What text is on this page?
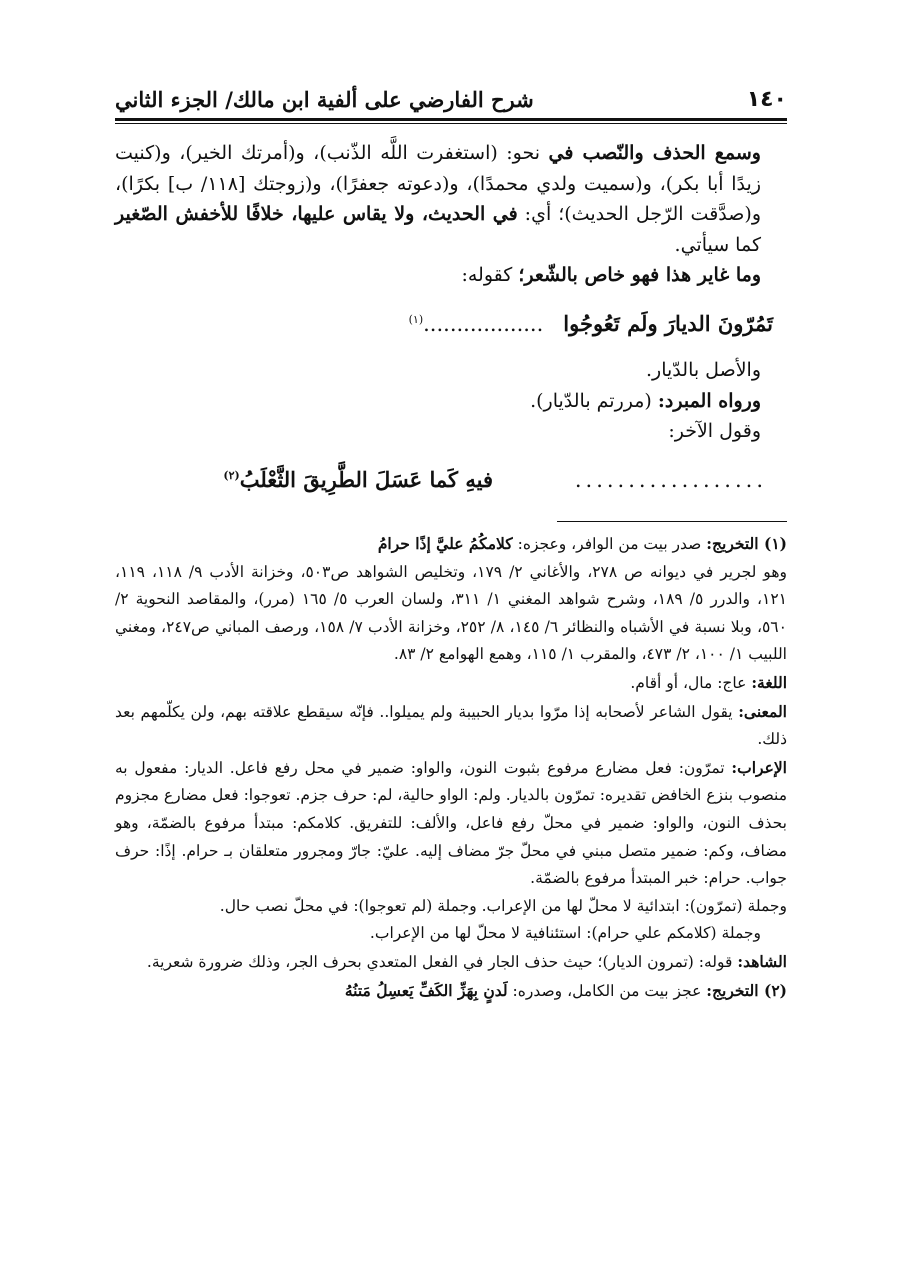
١٤٠
شرح الفارضي على ألفية ابن مالك/ الجزء الثاني

وسمع الحذف والنّصب في نحو: (استغفرت اللَّه الذّنب)، و(أمرتك الخير)، و(كنيت زيدًا أبا بكر)، و(سميت ولدي محمدًا)، و(دعوته جعفرًا)، و(زوجتك [١١٨/ ب] بكرًا)، و(صدَّقت الرّجل الحديث)؛ أي: في الحديث، ولا يقاس عليها، خلافًا للأخفش الصّغير كما سيأتي.

وما غاير هذا فهو خاص بالشّعر؛ كقوله:

تَمُرّونَ الديارَ ولَم تَعُوجُوا
..................$^{(١)}$

والأصل بالدّيار.

ورواه المبرد: (مررتم بالدّيار).

وقول الآخر:

..................
فيهِ كَما عَسَلَ الطَّرِيقَ الثَّعْلَبُ$^{(٢)}$

(١) التخريج: صدر بيت من الوافر، وعجزه: كلامكُمُ عليَّ إذًا حرامُ

وهو لجرير في ديوانه ص ٢٧٨، والأغاني ٢/ ١٧٩، وتخليص الشواهد ص٥٠٣، وخزانة الأدب ٩/ ١١٨، ١١٩، ١٢١، والدرر ٥/ ١٨٩، وشرح شواهد المغني ١/ ٣١١، ولسان العرب ٥/ ١٦٥ (مرر)، والمقاصد النحوية ٢/ ٥٦٠، وبلا نسبة في الأشباه والنظائر ٦/ ١٤٥، ٨/ ٢٥٢، وخزانة الأدب ٧/ ١٥٨، ورصف المباني ص٢٤٧، ومغني اللبيب ١/ ١٠٠، ٢/ ٤٧٣، والمقرب ١/ ١١٥، وهمع الهوامع ٢/ ٨٣.

اللغة: عاج: مال، أو أقام.

المعنى: يقول الشاعر لأصحابه إذا مرّوا بديار الحبيبة ولم يميلوا.. فإنّه سيقطع علاقته بهم، ولن يكلّمهم بعد ذلك.

الإعراب: تمرّون: فعل مضارع مرفوع بثبوت النون، والواو: ضمير في محل رفع فاعل. الديار: مفعول به منصوب بنزع الخافض تقديره: تمرّون بالديار. ولم: الواو حالية، لم: حرف جزم. تعوجوا: فعل مضارع مجزوم بحذف النون، والواو: ضمير في محلّ رفع فاعل، والألف: للتفريق. كلامكم: مبتدأ مرفوع بالضمّة، وهو مضاف، وكم: ضمير متصل مبني في محلّ جرّ مضاف إليه. عليّ: جارّ ومجرور متعلقان بـ حرام. إذًا: حرف جواب. حرام: خبر المبتدأ مرفوع بالضمّة.

وجملة (تمرّون): ابتدائية لا محلّ لها من الإعراب. وجملة (لم تعوجوا): في محلّ نصب حال.

وجملة (كلامكم علي حرام): استئنافية لا محلّ لها من الإعراب.

الشاهد: قوله: (تمرون الديار)؛ حيث حذف الجار في الفعل المتعدي بحرف الجر، وذلك ضرورة شعرية.

(٢) التخريج: عجز بيت من الكامل، وصدره: لَدنٍ بِهَزِّ الكَفِّ يَعسِلُ مَتنُهُ
